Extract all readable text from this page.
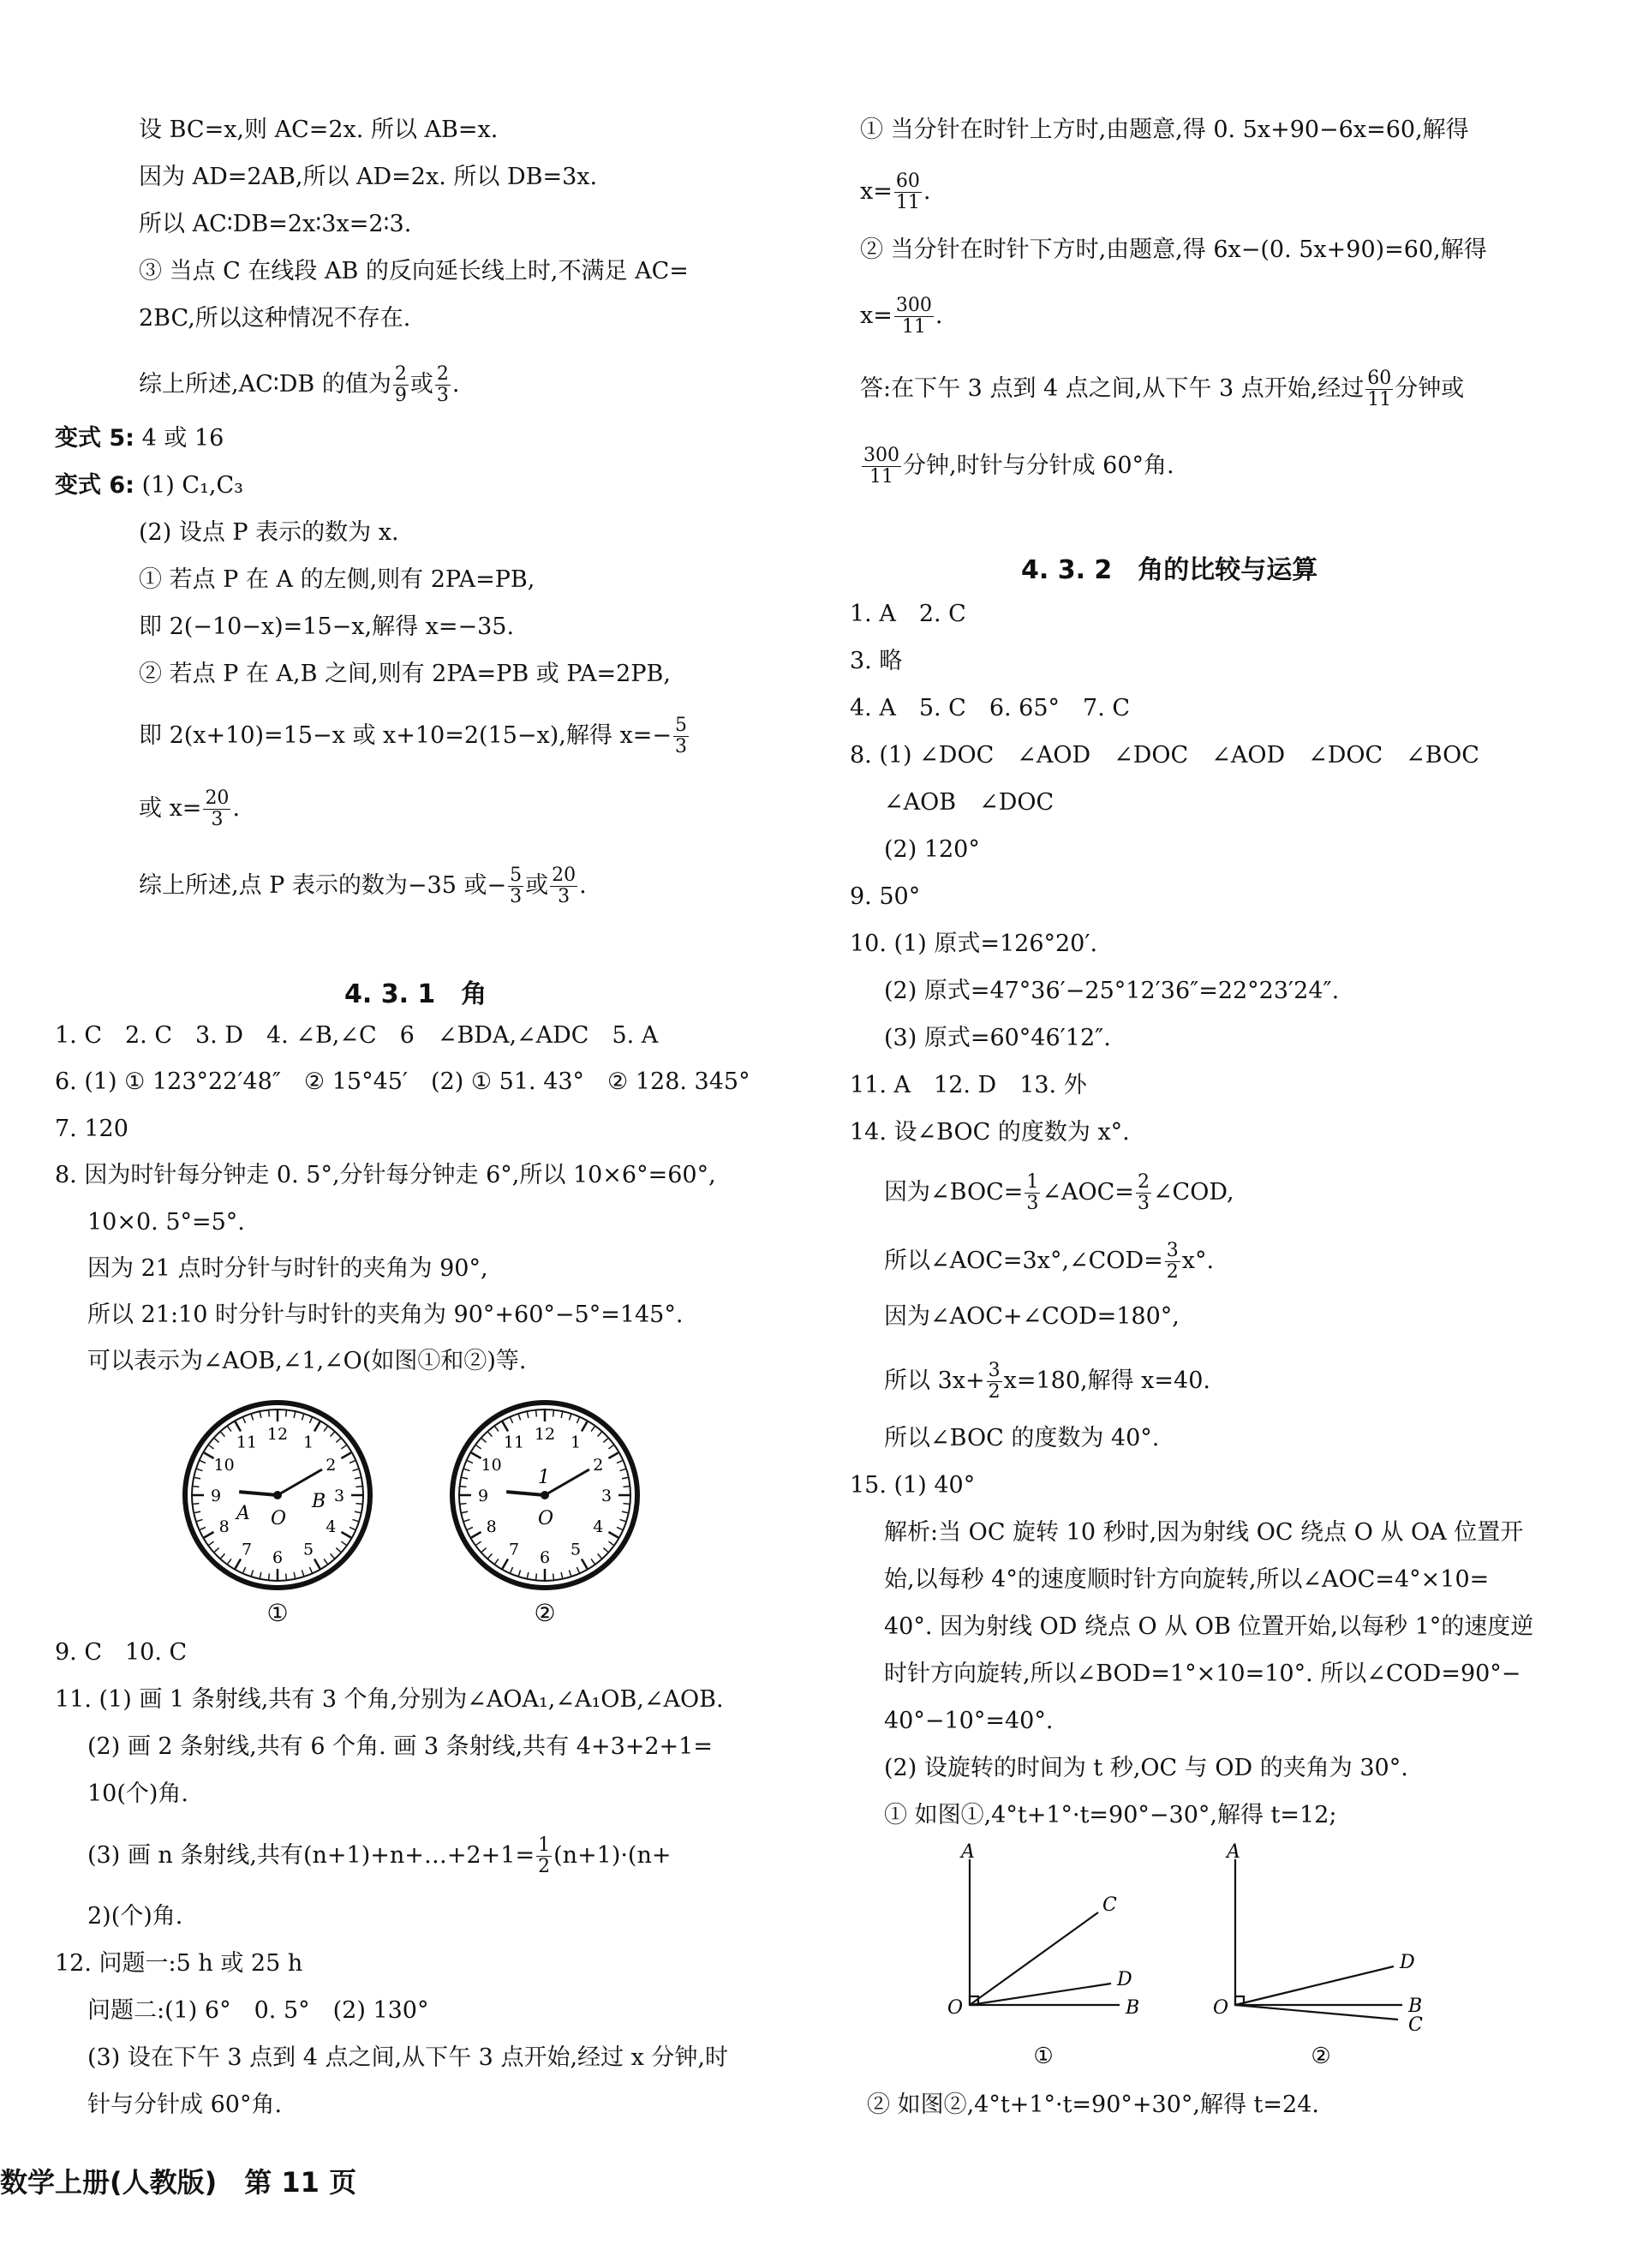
设 BC=x,则 AC=2x. 所以 AB=x.
因为 AD=2AB,所以 AD=2x. 所以 DB=3x.
所以 AC∶DB=2x∶3x=2∶3.
③ 当点 C 在线段 AB 的反向延长线上时,不满足 AC=
2BC,所以这种情况不存在.
综上所述,AC∶DB 的值为 $\frac{2}{9}$ 或 $\frac{2}{3}$ .
变式 5: 4 或 16
变式 6: (1) C₁,C₃
(2) 设点 P 表示的数为 x.
① 若点 P 在 A 的左侧,则有 2PA=PB,
即 2(−10−x)=15−x,解得 x=−35.
② 若点 P 在 A,B 之间,则有 2PA=PB 或 PA=2PB,
即 2(x+10)=15−x 或 x+10=2(15−x),解得 $x=- \frac{5}{3}$
或 $x= \frac{20}{3}$ .
综上所述,点 P 表示的数为−35 或− $\frac{5}{3}$ 或 $\frac{20}{3}$ .
4. 3. 1　角
1. C　2. C　3. D　4. ∠B,∠C　6　∠BDA,∠ADC　5. A
6. (1) ① 123°22′48″　② 15°45′　(2) ① 51. 43°　② 128. 345°
7. 120
8. 因为时针每分钟走 0. 5°,分针每分钟走 6°,所以 10×6°=60°,
10×0. 5°=5°.
因为 21 点时分针与时针的夹角为 90°,
所以 21:10 时分针与时针的夹角为 90°+60°−5°=145°.
可以表示为∠AOB,∠1,∠O(如图①和②)等.
12 1
2
3
4
5
6
7
8
9
10
11
A
B
O
12 1
2
3
4
5
6
7
8
9
10
11
1
O
①	②
9. C　10. C
11. (1) 画 1 条射线,共有 3 个角,分别为∠AOA₁,∠A₁OB,∠AOB.
(2) 画 2 条射线,共有 6 个角. 画 3 条射线,共有 4+3+2+1=
10(个)角.
(3) 画 n 条射线,共有(n+1)+n+…+2+1= $\frac{1}{2} (n+1)\cdot(n+$
2)(个)角.
12. 问题一:5 h 或 25 h
问题二:(1) 6°　0. 5°　(2) 130°
(3) 设在下午 3 点到 4 点之间,从下午 3 点开始,经过 x 分钟,时
针与分针成 60°角.
① 当分针在时针上方时,由题意,得 0. 5x+90−6x=60,解得
$x= \frac{60}{11}$ .
② 当分针在时针下方时,由题意,得 6x−(0. 5x+90)=60,解得
$x= \frac{300}{11}$ .
答:在下午 3 点到 4 点之间,从下午 3 点开始,经过 $\frac{60}{11}$ 分钟或
$\frac{300}{11}$ 分钟,时针与分针成 60°角.
4. 3. 2　角的比较与运算
1. A　2. C
3. 略
4. A　5. C　6. 65°　7. C
8. (1) ∠DOC　∠AOD　∠DOC　∠AOD　∠DOC　∠BOC
∠AOB　∠DOC
(2) 120°
9. 50°
10. (1) 原式=126°20′.
(2) 原式=47°36′−25°12′36″=22°23′24″.
(3) 原式=60°46′12″.
11. A　12. D　13. 外
14. 设∠BOC 的度数为 x°.
因为∠BOC= $\frac{1}{3}$ ∠AOC= $\frac{2}{3}$ ∠COD,
所以∠AOC=3x°,∠COD= $\frac{3}{2} x^\circ$.
因为∠AOC+∠COD=180°,
所以 $3x+ \frac{3}{2} x=180$,解得 x=40.
所以∠BOC 的度数为 40°.
15. (1) 40°
解析:当 OC 旋转 10 秒时,因为射线 OC 绕点 O 从 OA 位置开
始,以每秒 4°的速度顺时针方向旋转,所以∠AOC=4°×10=
40°. 因为射线 OD 绕点 O 从 OB 位置开始,以每秒 1°的速度逆
时针方向旋转,所以∠BOD=1°×10=10°. 所以∠COD=90°−
40°−10°=40°.
(2) 设旋转的时间为 t 秒,OC 与 OD 的夹角为 30°.
① 如图①,4°t+1°·t=90°−30°,解得 t=12;
A
C
D
B
O
A
D
B
C
O
①	②
② 如图②,4°t+1°·t=90°+30°,解得 t=24.
数学上册(人教版)　第 11 页
